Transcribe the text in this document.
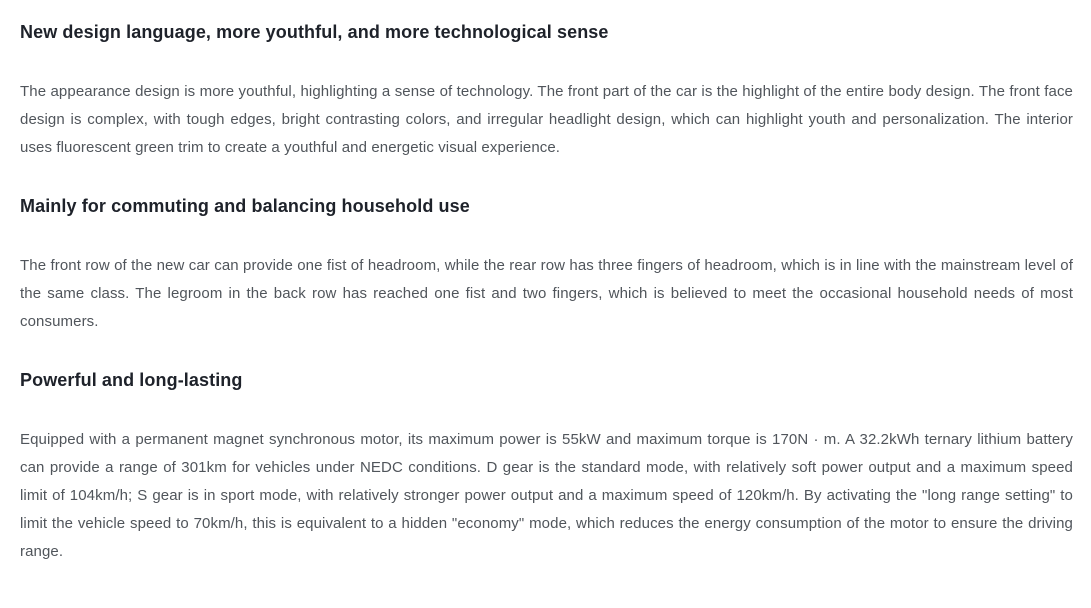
New design language, more youthful, and more technological sense

The appearance design is more youthful, highlighting a sense of technology. The front part of the car is the highlight of the entire body design. The front face design is complex, with tough edges, bright contrasting colors, and irregular headlight design, which can highlight youth and personalization. The interior uses fluorescent green trim to create a youthful and energetic visual experience.

Mainly for commuting and balancing household use

The front row of the new car can provide one fist of headroom, while the rear row has three fingers of headroom, which is in line with the mainstream level of the same class. The legroom in the back row has reached one fist and two fingers, which is believed to meet the occasional household needs of most consumers.

Powerful and long-lasting

Equipped with a permanent magnet synchronous motor, its maximum power is 55kW and maximum torque is 170N · m. A 32.2kWh ternary lithium battery can provide a range of 301km for vehicles under NEDC conditions. D gear is the standard mode, with relatively soft power output and a maximum speed limit of 104km/h; S gear is in sport mode, with relatively stronger power output and a maximum speed of 120km/h. By activating the "long range setting" to limit the vehicle speed to 70km/h, this is equivalent to a hidden "economy" mode, which reduces the energy consumption of the motor to ensure the driving range.
